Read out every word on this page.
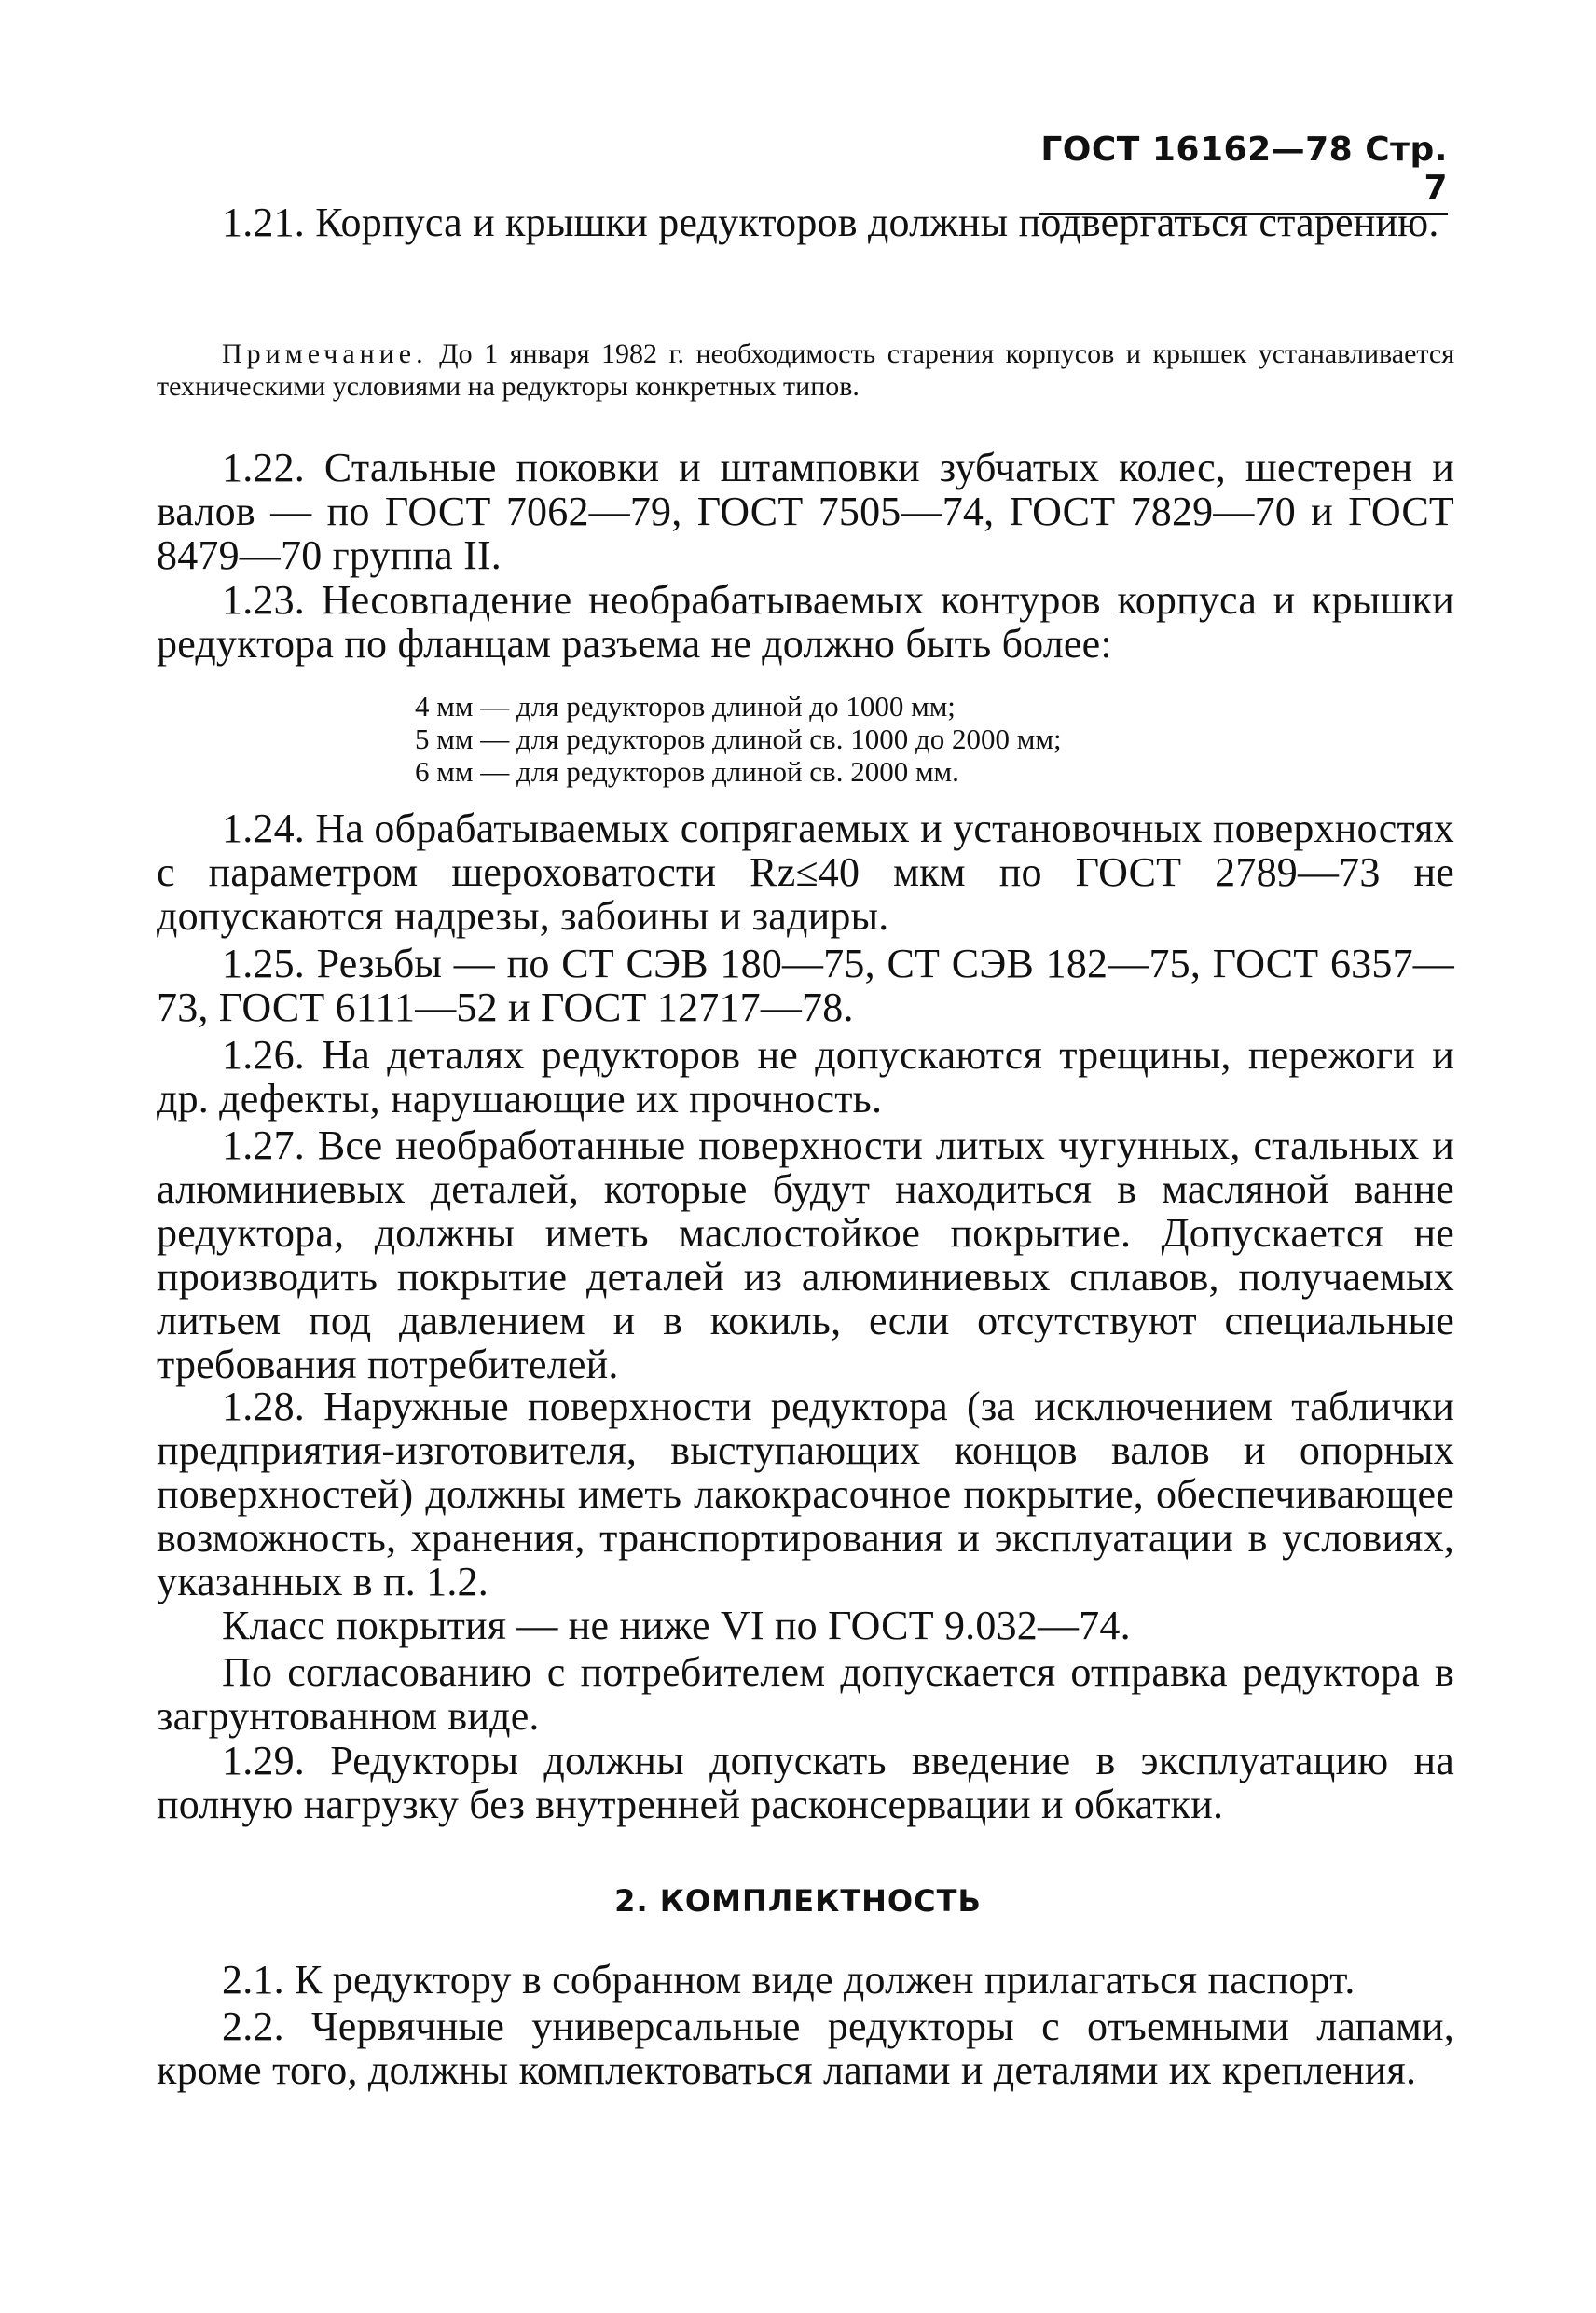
ГОСТ 16162—78 Стр. 7

1.21. Корпуса и крышки редукторов должны подвергаться старению.

Примечание. До 1 января 1982 г. необходимость старения корпусов и крышек устанавливается техническими условиями на редукторы конкретных типов.

1.22. Стальные поковки и штамповки зубчатых колес, шестерен и валов — по ГОСТ 7062—79, ГОСТ 7505—74, ГОСТ 7829—70 и ГОСТ 8479—70 группа II.

1.23. Несовпадение необрабатываемых контуров корпуса и крышки редуктора по фланцам разъема не должно быть более:

4 мм — для редукторов длиной до 1000 мм;
5 мм — для редукторов длиной св. 1000 до 2000 мм;
6 мм — для редукторов длиной св. 2000 мм.

1.24. На обрабатываемых сопрягаемых и установочных поверхностях с параметром шероховатости Rz≤40 мкм по ГОСТ 2789—73 не допускаются надрезы, забоины и задиры.

1.25. Резьбы — по СТ СЭВ 180—75, СТ СЭВ 182—75, ГОСТ 6357—73, ГОСТ 6111—52 и ГОСТ 12717—78.

1.26. На деталях редукторов не допускаются трещины, пережоги и др. дефекты, нарушающие их прочность.

1.27. Все необработанные поверхности литых чугунных, стальных и алюминиевых деталей, которые будут находиться в масляной ванне редуктора, должны иметь маслостойкое покрытие. Допускается не производить покрытие деталей из алюминиевых сплавов, получаемых литьем под давлением и в кокиль, если отсутствуют специальные требования потребителей.

1.28. Наружные поверхности редуктора (за исключением таблички предприятия-изготовителя, выступающих концов валов и опорных поверхностей) должны иметь лакокрасочное покрытие, обеспечивающее возможность, хранения, транспортирования и эксплуатации в условиях, указанных в п. 1.2.

Класс покрытия — не ниже VI по ГОСТ 9.032—74.

По согласованию с потребителем допускается отправка редуктора в загрунтованном виде.

1.29. Редукторы должны допускать введение в эксплуатацию на полную нагрузку без внутренней расконсервации и обкатки.

2. КОМПЛЕКТНОСТЬ

2.1. К редуктору в собранном виде должен прилагаться паспорт.

2.2. Червячные универсальные редукторы с отъемными лапами, кроме того, должны комплектоваться лапами и деталями их крепления.
